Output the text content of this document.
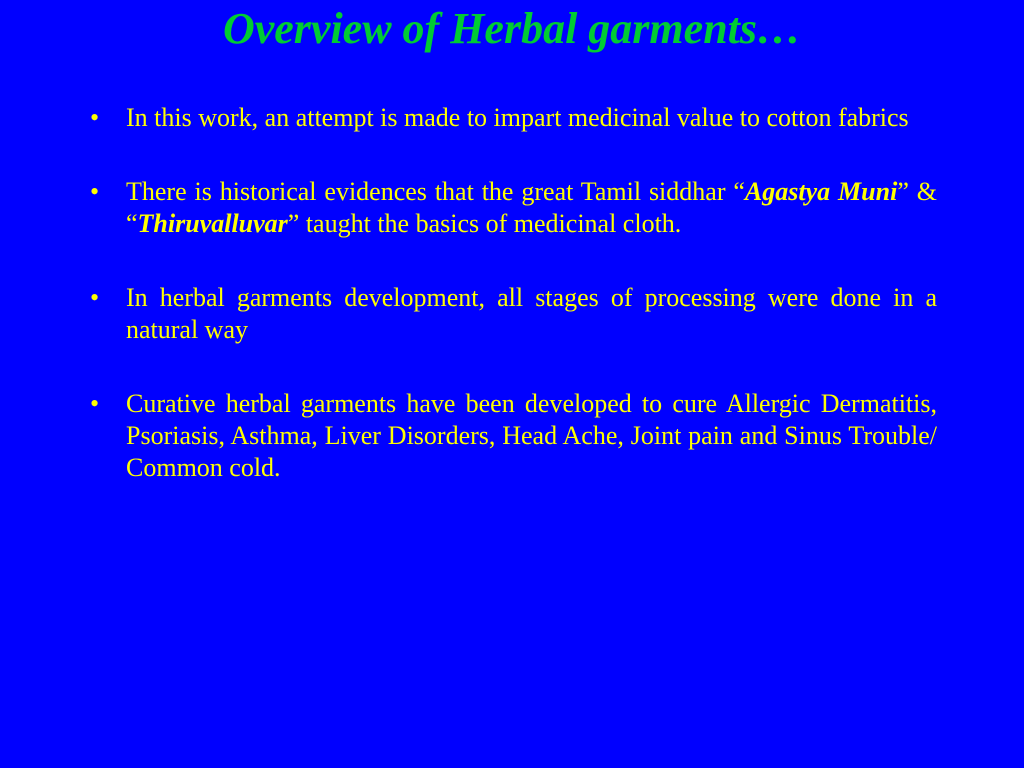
Overview of Herbal garments…
• In this work, an attempt is made to impart medicinal value to cotton fabrics
• There is historical evidences that the great Tamil siddhar “Agastya Muni” & “Thiruvalluvar” taught the basics of medicinal cloth.
• In herbal garments development, all stages of processing were done in a natural way
• Curative herbal garments have been developed to cure Allergic Dermatitis, Psoriasis, Asthma, Liver Disorders, Head Ache, Joint pain and Sinus Trouble/ Common cold.
